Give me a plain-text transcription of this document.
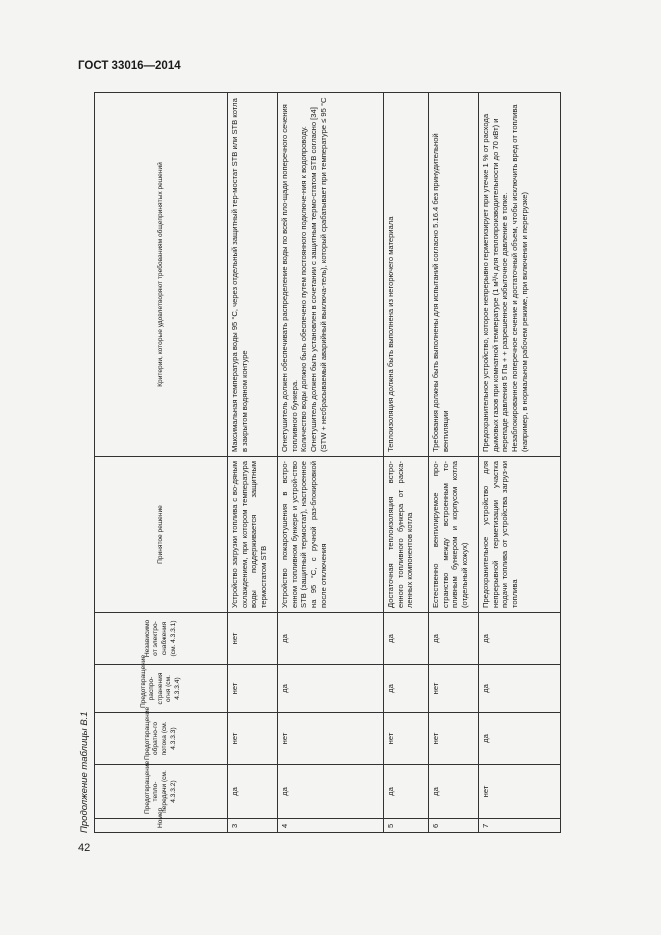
ГОСТ 33016—2014

Продолжение таблицы B.1	Номер	Предотвращение тепло-передачи (см. 4.3.3.2)	Предотвращение обратно-го потока (см. 4.3.3.3)	Предотвращение распро-странения огня (см. 4.3.3.4)	Независимо от электро-снабжения (см. 4.3.3.1)	Принятое решение	Критерии, которые удовлетворяют требованиям общепринятых решений
3	да	нет	нет	нет	Устройство загрузки топлива с во-дяным охлаждением, при котором температура воды поддерживается защитным термостатом STB	Максимальная температура воды 95 °С, через отдельный защитный тер-мостат STB или STB котла в закрытом водяном контуре

4	да	нет	да	да	Устройство пожаротушения в встро-енном топливном бункере и устрой-ство STB (защитный термостат), настроенное на 95 °С, с ручной раз-блокировкой после отключения	Огнетушитель должен обеспечивать распределение воды по всей пло-щади поперечного сечения топливного бункера. Количество воды должно быть обеспечено путем постоянного подключе-ния к водопроводу. Огнетушитель должен быть установлен в сочетании с защитным термо-статом STB согласно [34] (STW + несбрасываемый аварийный выключа-тель), который срабатывает при температуре ≤ 95 °С

5	да	нет	да	да	Достаточная теплоизоляция встро-енного топливного бункера от раска-ленных компонентов котла	Теплоизоляция должна быть выполнена из негорючего материала

6	да	нет	нет	да	Естественно вентилируемое про-странство между встроенным то-пливным бункером и корпусом котла (отдельный кожух)	Требования должны быть выполнены для испытаний согласно 5.16.4 без принудительной вентиляции

7	нет	да	да	да	Предохранительное устройство для непрерывной герметизации участка подачи топлива от устройства загруз-ки топлива	Предохранительное устройство, которое непрерывно герметизирует при утечке 1 % от расхода дымовых газов при комнатной температуре (1 м³/ч для теплопроизводительности до 70 кВт) и перепаде давления 5 Па + + разрешенное избыточное давление в топке. Незаблокированное поперечное сечение и достаточный объем, чтобы исключить вред от топлива (например, в нормальном рабочем режиме, при включении и перегрузке)

42
